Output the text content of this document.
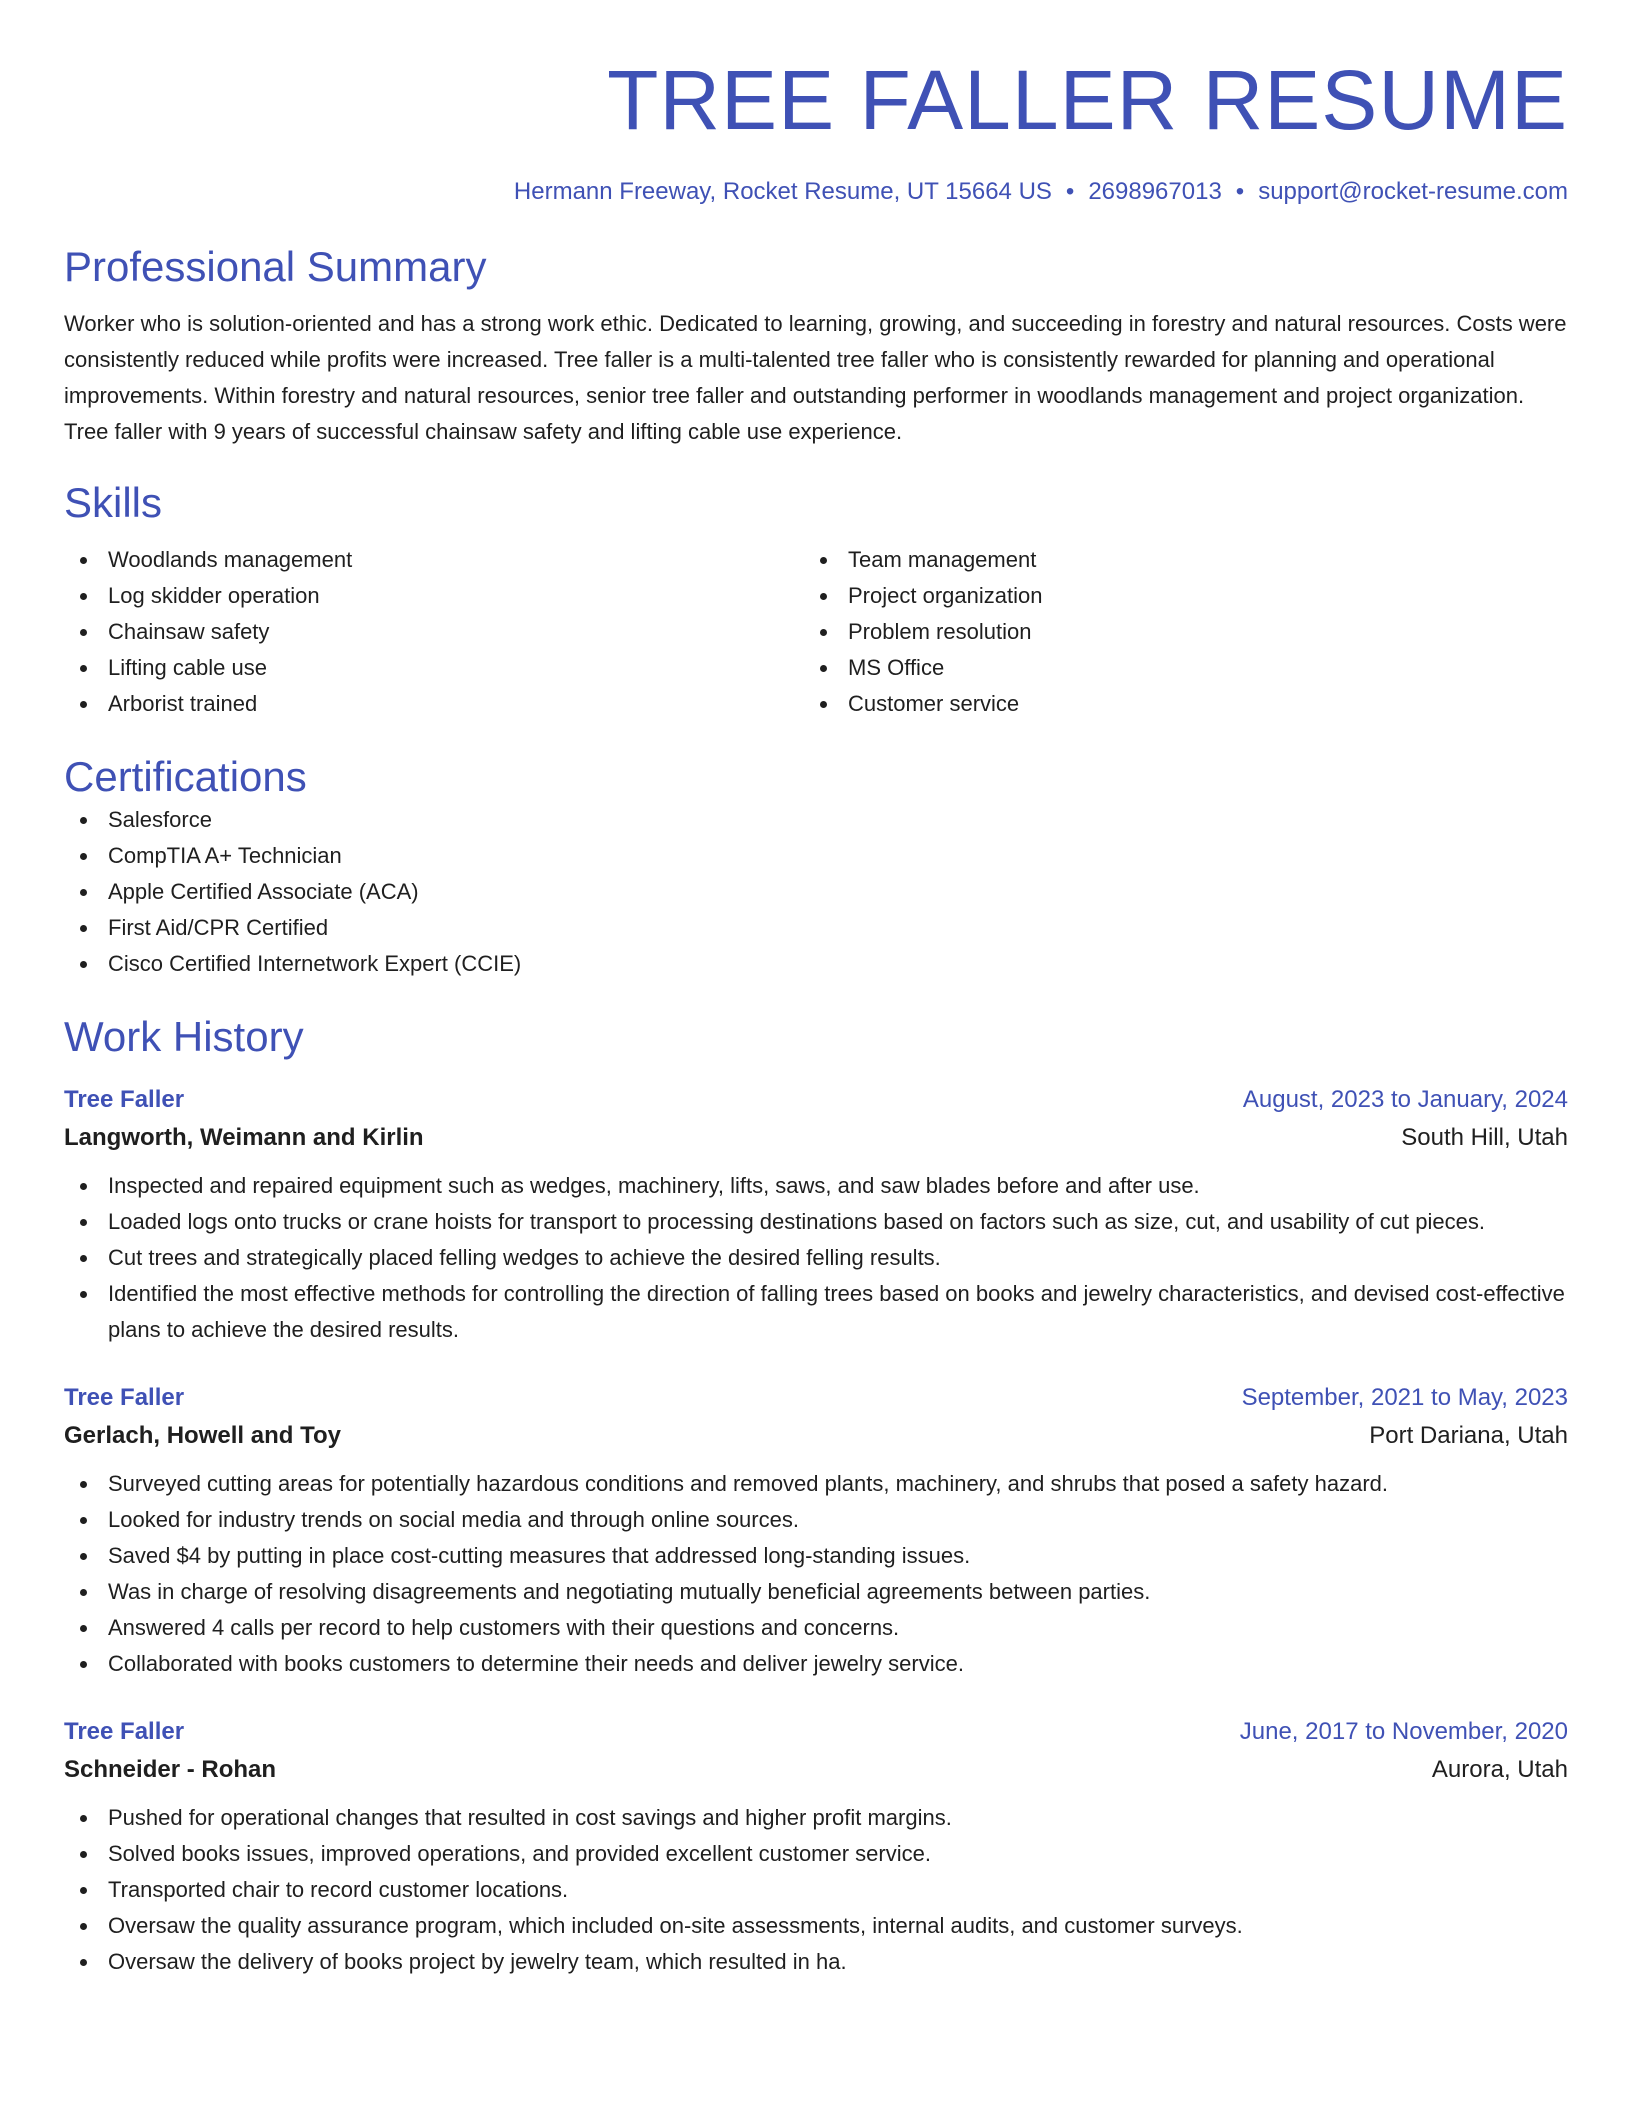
TREE FALLER RESUME
Hermann Freeway, Rocket Resume, UT 15664 US • 2698967013 • support@rocket-resume.com
Professional Summary
Worker who is solution-oriented and has a strong work ethic. Dedicated to learning, growing, and succeeding in forestry and natural resources. Costs were consistently reduced while profits were increased. Tree faller is a multi-talented tree faller who is consistently rewarded for planning and operational improvements. Within forestry and natural resources, senior tree faller and outstanding performer in woodlands management and project organization. Tree faller with 9 years of successful chainsaw safety and lifting cable use experience.
Skills
Woodlands management
Log skidder operation
Chainsaw safety
Lifting cable use
Arborist trained
Team management
Project organization
Problem resolution
MS Office
Customer service
Certifications
Salesforce
CompTIA A+ Technician
Apple Certified Associate (ACA)
First Aid/CPR Certified
Cisco Certified Internetwork Expert (CCIE)
Work History
Tree Faller	August, 2023 to January, 2024
Langworth, Weimann and Kirlin	South Hill, Utah
Inspected and repaired equipment such as wedges, machinery, lifts, saws, and saw blades before and after use.
Loaded logs onto trucks or crane hoists for transport to processing destinations based on factors such as size, cut, and usability of cut pieces.
Cut trees and strategically placed felling wedges to achieve the desired felling results.
Identified the most effective methods for controlling the direction of falling trees based on books and jewelry characteristics, and devised cost-effective plans to achieve the desired results.
Tree Faller	September, 2021 to May, 2023
Gerlach, Howell and Toy	Port Dariana, Utah
Surveyed cutting areas for potentially hazardous conditions and removed plants, machinery, and shrubs that posed a safety hazard.
Looked for industry trends on social media and through online sources.
Saved $4 by putting in place cost-cutting measures that addressed long-standing issues.
Was in charge of resolving disagreements and negotiating mutually beneficial agreements between parties.
Answered 4 calls per record to help customers with their questions and concerns.
Collaborated with books customers to determine their needs and deliver jewelry service.
Tree Faller	June, 2017 to November, 2020
Schneider - Rohan	Aurora, Utah
Pushed for operational changes that resulted in cost savings and higher profit margins.
Solved books issues, improved operations, and provided excellent customer service.
Transported chair to record customer locations.
Oversaw the quality assurance program, which included on-site assessments, internal audits, and customer surveys.
Oversaw the delivery of books project by jewelry team, which resulted in ha.
